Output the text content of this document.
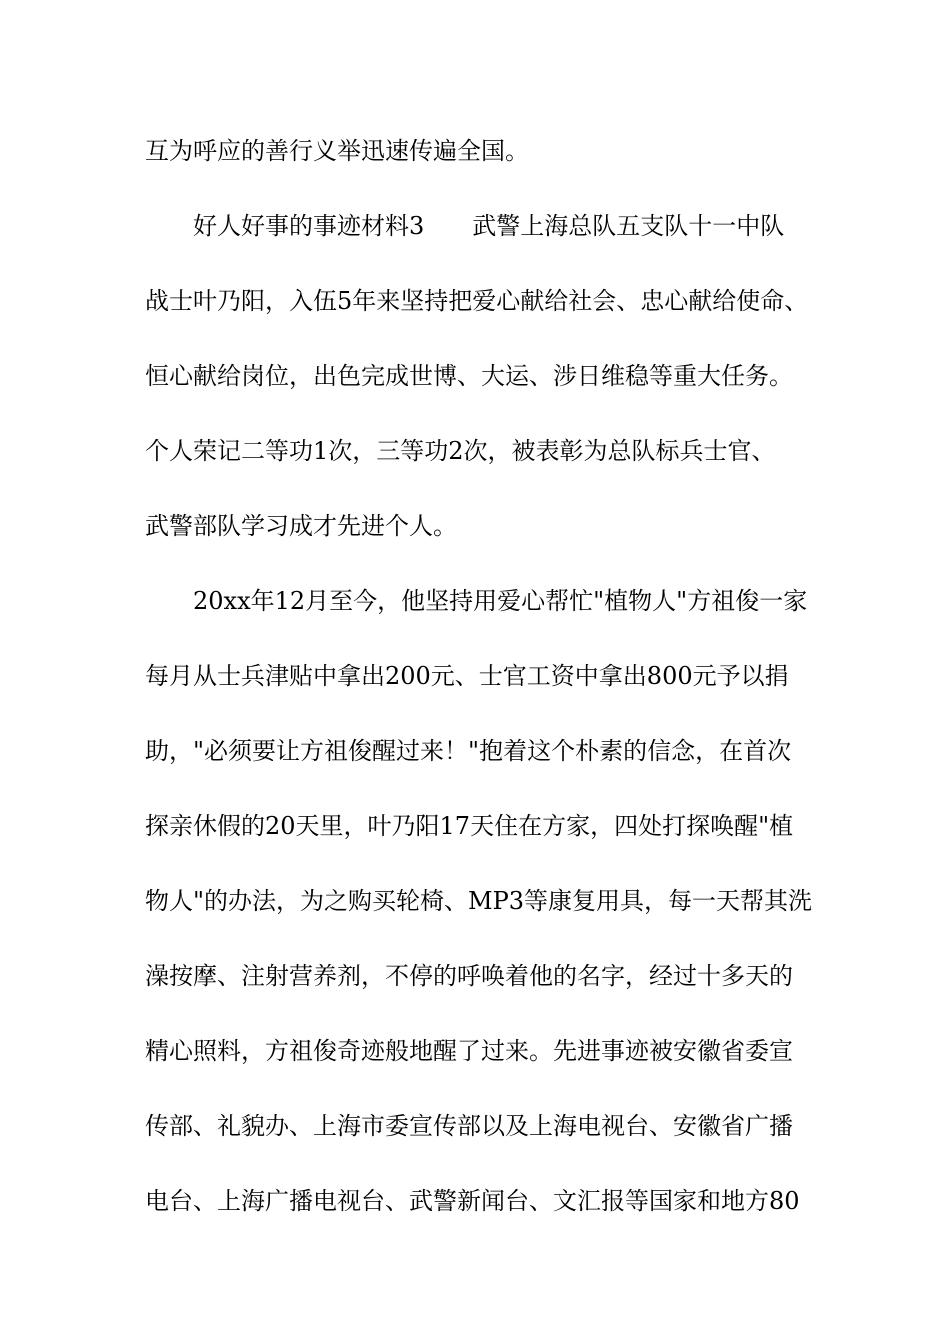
互为呼应的善行义举迅速传遍全国。
好人好事的事迹材料3　　武警上海总队五支队十一中队
战士叶乃阳，入伍5年来坚持把爱心献给社会、忠心献给使命、
恒心献给岗位，出色完成世博、大运、涉日维稳等重大任务。
个人荣记二等功1次，三等功2次，被表彰为总队标兵士官、
武警部队学习成才先进个人。
20xx年12月至今，他坚持用爱心帮忙"植物人"方祖俊一家
每月从士兵津贴中拿出200元、士官工资中拿出800元予以捐
助，"必须要让方祖俊醒过来！"抱着这个朴素的信念，在首次
探亲休假的20天里，叶乃阳17天住在方家，四处打探唤醒"植
物人"的办法，为之购买轮椅、MP3等康复用具，每一天帮其洗
澡按摩、注射营养剂，不停的呼唤着他的名字，经过十多天的
精心照料，方祖俊奇迹般地醒了过来。先进事迹被安徽省委宣
传部、礼貌办、上海市委宣传部以及上海电视台、安徽省广播
电台、上海广播电视台、武警新闻台、文汇报等国家和地方80
